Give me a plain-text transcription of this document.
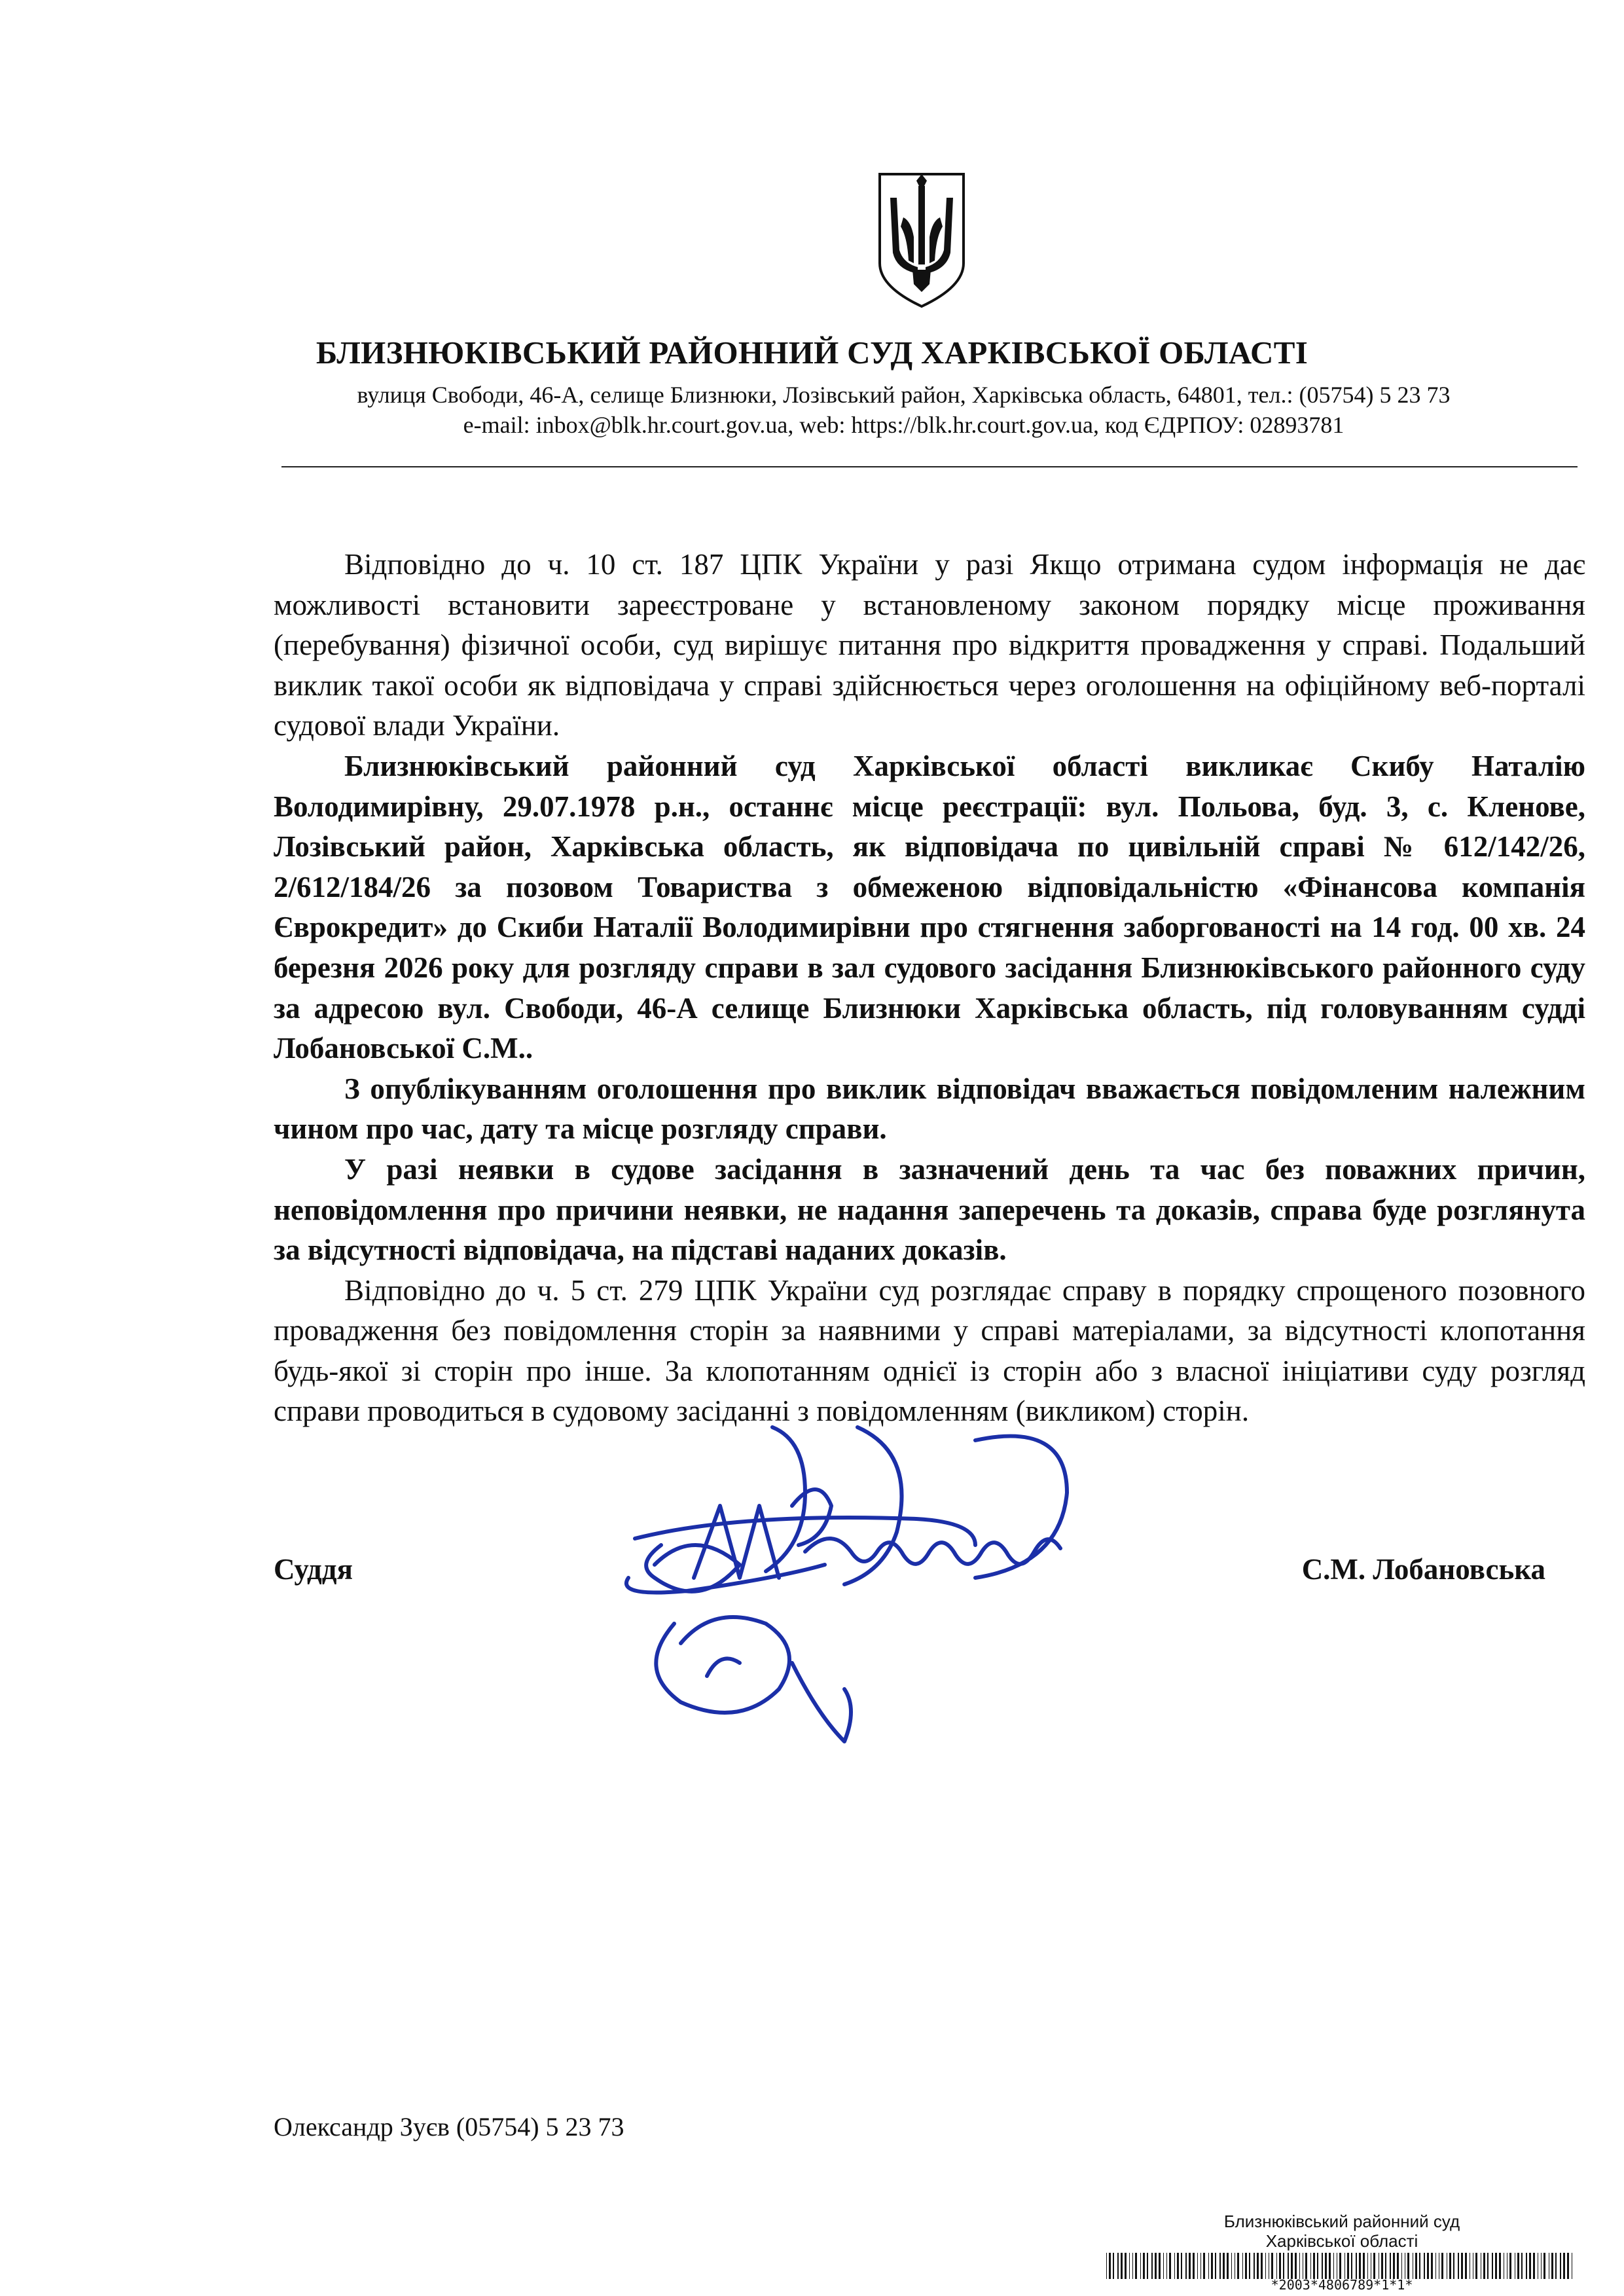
БЛИЗНЮКІВСЬКИЙ РАЙОННИЙ СУД ХАРКІВСЬКОЇ ОБЛАСТІ
вулиця Свободи, 46-А, селище Близнюки, Лозівський район, Харківська область, 64801, тел.: (05754) 5 23 73
e-mail: inbox@blk.hr.court.gov.ua, web: https://blk.hr.court.gov.ua, код ЄДРПОУ: 02893781

Відповідно до ч. 10 ст. 187 ЦПК України у разі Якщо отримана судом інформація не дає можливості встановити зареєстроване у встановленому законом порядку місце проживання (перебування) фізичної особи, суд вирішує питання про відкриття провадження у справі. Подальший виклик такої особи як відповідача у справі здійснюється через оголошення на офіційному веб-порталі судової влади України.

Близнюківський районний суд Харківської області викликає Скибу Наталію Володимирівну, 29.07.1978 р.н., останнє місце реєстрації: вул. Польова, буд. 3, с. Кленове, Лозівський район, Харківська область, як відповідача по цивільній справі № 612/142/26, 2/612/184/26 за позовом Товариства з обмеженою відповідальністю «Фінансова компанія Єврокредит» до Скиби Наталії Володимирівни про стягнення заборгованості на 14 год. 00 хв. 24 березня 2026 року для розгляду справи в зал судового засідання Близнюківського районного суду за адресою вул. Свободи, 46-А селище Близнюки Харківська область, під головуванням судді Лобановської С.М..

З опублікуванням оголошення про виклик відповідач вважається повідомленим належним чином про час, дату та місце розгляду справи.

У разі неявки в судове засідання в зазначений день та час без поважних причин, неповідомлення про причини неявки, не надання заперечень та доказів, справа буде розглянута за відсутності відповідача, на підставі наданих доказів.

Відповідно до ч. 5 ст. 279 ЦПК України суд розглядає справу в порядку спрощеного позовного провадження без повідомлення сторін за наявними у справі матеріалами, за відсутності клопотання будь-якої зі сторін про інше. За клопотанням однієї із сторін або з власної ініціативи суду розгляд справи проводиться в судовому засіданні з повідомленням (викликом) сторін.

Суддя	С.М. Лобановська
Олександр Зуєв (05754) 5 23 73
Близнюківський районний суд
Харківської області
*2003*4806789*1*1*
